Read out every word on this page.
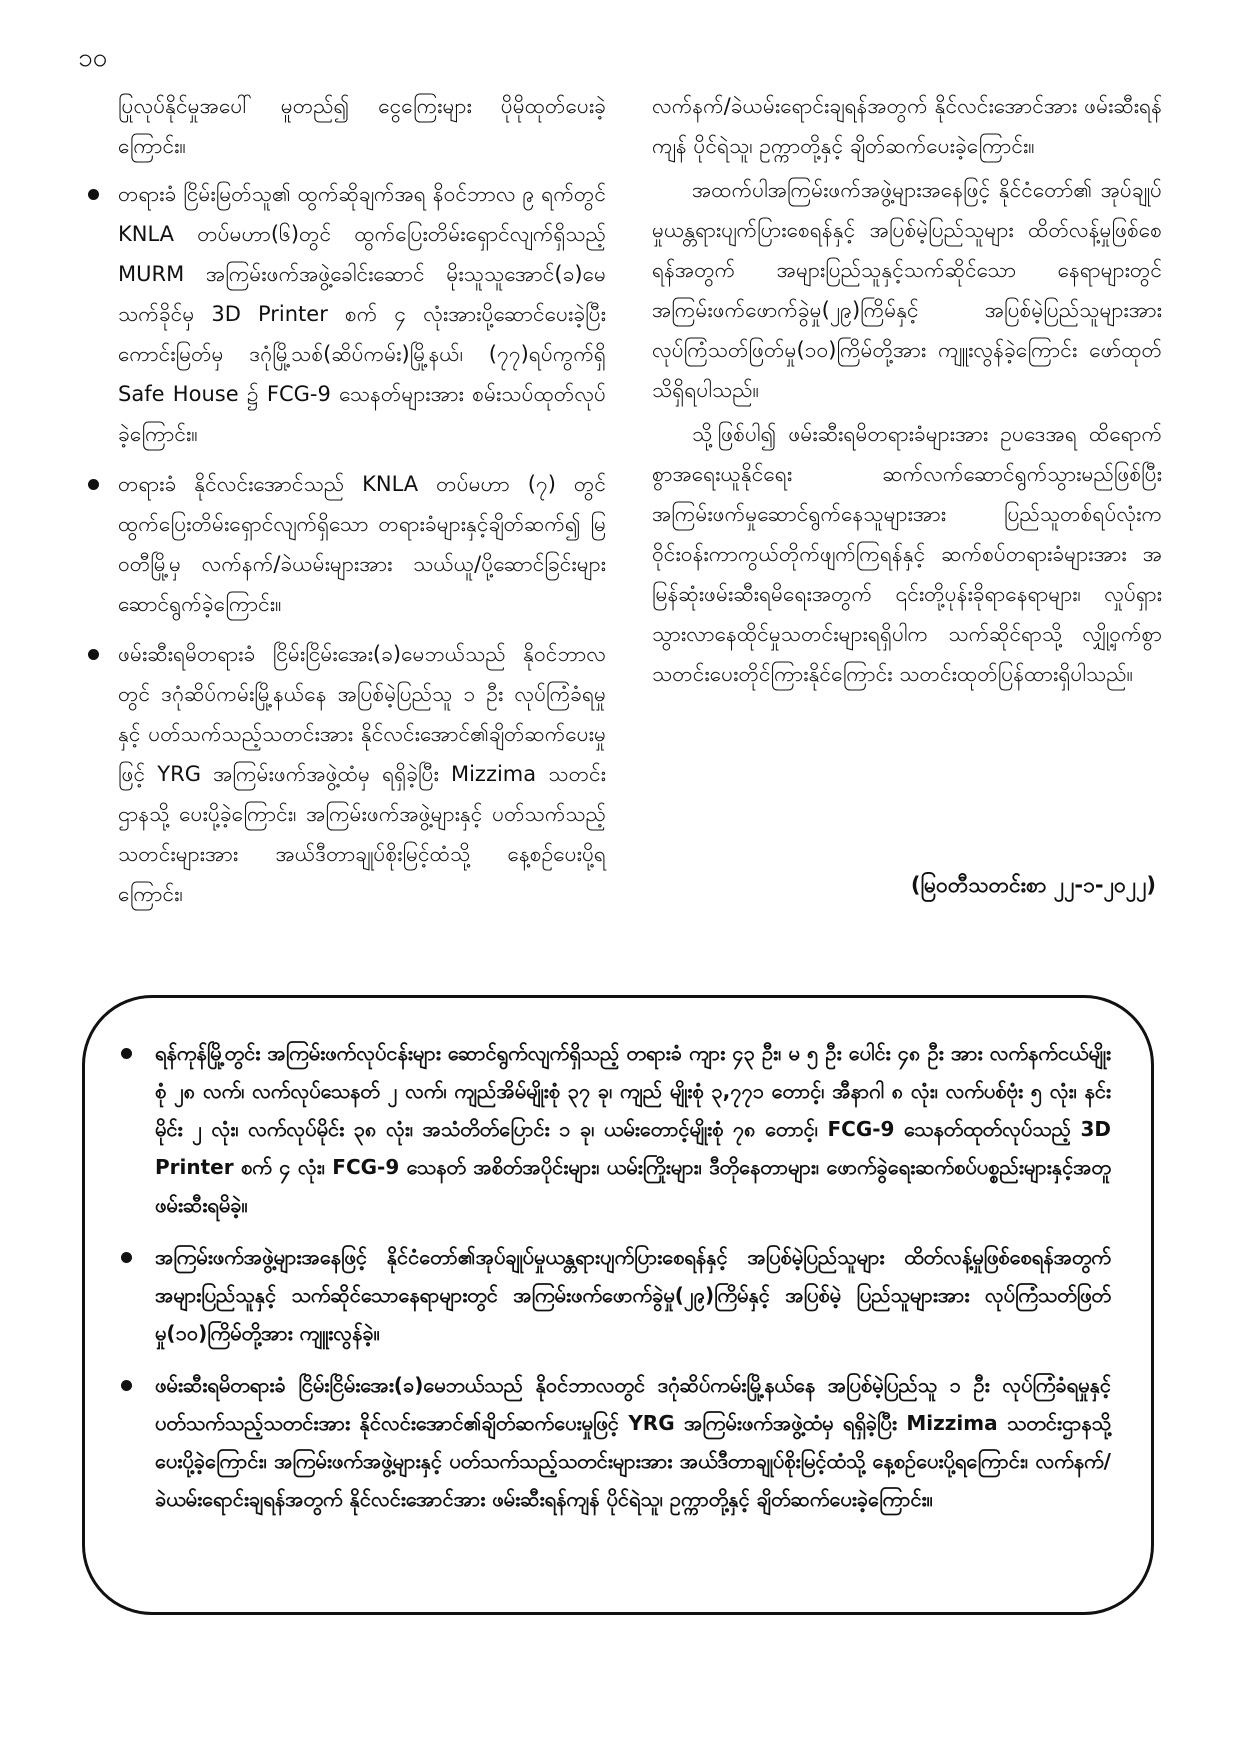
၁၀

ပြုလုပ်နိုင်မှုအပေါ် မူတည်၍ ငွေကြေးများ ပိုမိုထုတ်ပေးခဲ့ကြောင်း။

တရားခံ ငြိမ်းမြတ်သူ၏ ထွက်ဆိုချက်အရ နိဝင်ဘာလ ၉ ရက်တွင် KNLA တပ်မဟာ(၆)တွင် ထွက်ပြေးတိမ်းရှောင်လျက်ရှိသည့် MURM အကြမ်းဖက်အဖွဲ့ခေါင်းဆောင် မိုးသူသူအောင်(ခ)မေသက်ခိုင်မှ 3D Printer စက် ၄ လုံးအားပို့ဆောင်ပေးခဲ့ပြီး ကောင်းမြတ်မှ ဒဂုံမြို့သစ်(ဆိပ်ကမ်း)မြို့နယ်၊ (၇၇)ရပ်ကွက်ရှိ Safe House ၌ FCG-9 သေနတ်များအား စမ်းသပ်ထုတ်လုပ်ခဲ့ကြောင်း။
တရားခံ နိုင်လင်းအောင်သည် KNLA တပ်မဟာ (၇) တွင် ထွက်ပြေးတိမ်းရှောင်လျက်ရှိသော တရားခံများနှင့်ချိတ်ဆက်၍ မြဝတီမြို့မှ လက်နက်/ခဲယမ်းများအား သယ်ယူ/ပို့ဆောင်ခြင်းများ ဆောင်ရွက်ခဲ့ကြောင်း။
ဖမ်းဆီးရမိတရားခံ ငြိမ်းငြိမ်းအေး(ခ)မေဘယ်သည် နိုဝင်ဘာလတွင် ဒဂုံဆိပ်ကမ်းမြို့နယ်နေ အပြစ်မဲ့ပြည်သူ ၁ ဦး လုပ်ကြံခံရမှုနှင့် ပတ်သက်သည့်သတင်းအား နိုင်လင်းအောင်၏ချိတ်ဆက်ပေးမှုဖြင့် YRG အကြမ်းဖက်အဖွဲ့ထံမှ ရရှိခဲ့ပြီး Mizzima သတင်းဌာနသို့ ပေးပို့ခဲ့ကြောင်း၊ အကြမ်းဖက်အဖွဲ့များနှင့် ပတ်သက်သည့်သတင်းများအား အယ်ဒီတာချုပ်စိုးမြင့်ထံသို့ နေ့စဉ်ပေးပို့ရကြောင်း၊

လက်နက်/ခဲယမ်းရောင်းချရန်အတွက် နိုင်လင်းအောင်အား ဖမ်းဆီးရန်ကျန် ပိုင်ရဲသူ၊ ဥက္ကာတို့နှင့် ချိတ်ဆက်ပေးခဲ့ကြောင်း။

အထက်ပါအကြမ်းဖက်အဖွဲ့များအနေဖြင့် နိုင်ငံတော်၏ အုပ်ချုပ်မှုယန္တရားပျက်ပြားစေရန်နှင့် အပြစ်မဲ့ပြည်သူများ ထိတ်လန့်မှုဖြစ်စေရန်အတွက် အများပြည်သူနှင့်သက်ဆိုင်သော နေရာများတွင် အကြမ်းဖက်ဖောက်ခွဲမှု(၂၉)ကြိမ်နှင့် အပြစ်မဲ့ပြည်သူများအား လုပ်ကြံသတ်ဖြတ်မှု(၁၀)ကြိမ်တို့အား ကျူးလွန်ခဲ့ကြောင်း ဖော်ထုတ်သိရှိရပါသည်။

သို့ဖြစ်ပါ၍ ဖမ်းဆီးရမိတရားခံများအား ဥပဒေအရ ထိရောက်စွာအရေးယူနိုင်ရေး ဆက်လက်ဆောင်ရွက်သွားမည်ဖြစ်ပြီး အကြမ်းဖက်မှုဆောင်ရွက်နေသူများအား ပြည်သူတစ်ရပ်လုံးက ဝိုင်းဝန်းကာကွယ်တိုက်ဖျက်ကြရန်နှင့် ဆက်စပ်တရားခံများအား အမြန်ဆုံးဖမ်းဆီးရမိရေးအတွက် ၎င်းတို့ပုန်းခိုရာနေရာများ၊ လှုပ်ရှားသွားလာနေထိုင်မှုသတင်းများရရှိပါက သက်ဆိုင်ရာသို့ လျှို့ဝှက်စွာသတင်းပေးတိုင်ကြားနိုင်ကြောင်း သတင်းထုတ်ပြန်ထားရှိပါသည်။

(မြဝတီသတင်းစာ ၂၂-၁-၂၀၂၂)
ရန်ကုန်မြို့တွင်း အကြမ်းဖက်လုပ်ငန်းများ ဆောင်ရွက်လျက်ရှိသည့် တရားခံ ကျား ၄၃ ဦး၊ မ ၅ ဦး ပေါင်း ၄၈ ဦး အား လက်နက်ငယ်မျိုးစုံ ၂၈ လက်၊ လက်လုပ်သေနတ် ၂ လက်၊ ကျည်အိမ်မျိုးစုံ ၃၇ ခု၊ ကျည် မျိုးစုံ ၃,၇၇၁ တောင့်၊ အီနာဂါ ၈ လုံး၊ လက်ပစ်ဗုံး ၅ လုံး၊ နင်းမိုင်း ၂ လုံး၊ လက်လုပ်မိုင်း ၃၈ လုံး၊ အသံတိတ်ပြောင်း ၁ ခု၊ ယမ်းတောင့်မျိုးစုံ ၇၈ တောင့်၊ FCG-9 သေနတ်ထုတ်လုပ်သည့် 3D Printer စက် ၄ လုံး၊ FCG-9 သေနတ် အစိတ်အပိုင်းများ၊ ယမ်းကြိုးများ၊ ဒီတိုနေတာများ၊ ဖောက်ခွဲရေးဆက်စပ်ပစ္စည်းများနှင့်အတူ ဖမ်းဆီးရမိခဲ့။
အကြမ်းဖက်အဖွဲ့များအနေဖြင့် နိုင်ငံတော်၏အုပ်ချုပ်မှုယန္တရားပျက်ပြားစေရန်နှင့် အပြစ်မဲ့ပြည်သူများ ထိတ်လန့်မှုဖြစ်စေရန်အတွက် အများပြည်သူနှင့် သက်ဆိုင်သောနေရာများတွင် အကြမ်းဖက်ဖောက်ခွဲမှု(၂၉)ကြိမ်နှင့် အပြစ်မဲ့ ပြည်သူများအား လုပ်ကြံသတ်ဖြတ်မှု(၁၀)ကြိမ်တို့အား ကျူးလွန်ခဲ့။
ဖမ်းဆီးရမိတရားခံ ငြိမ်းငြိမ်းအေး(ခ)မေဘယ်သည် နိုဝင်ဘာလတွင် ဒဂုံဆိပ်ကမ်းမြို့နယ်နေ အပြစ်မဲ့ပြည်သူ ၁ ဦး လုပ်ကြံခံရမှုနှင့် ပတ်သက်သည့်သတင်းအား နိုင်လင်းအောင်၏ချိတ်ဆက်ပေးမှုဖြင့် YRG အကြမ်းဖက်အဖွဲ့ထံမှ ရရှိခဲ့ပြီး Mizzima သတင်းဌာနသို့ ပေးပို့ခဲ့ကြောင်း၊ အကြမ်းဖက်အဖွဲ့များနှင့် ပတ်သက်သည့်သတင်းများအား အယ်ဒီတာချုပ်စိုးမြင့်ထံသို့ နေ့စဉ်ပေးပို့ရကြောင်း၊ လက်နက်/ခဲယမ်းရောင်းချရန်အတွက် နိုင်လင်းအောင်အား ဖမ်းဆီးရန်ကျန် ပိုင်ရဲသူ၊ ဥက္ကာတို့နှင့် ချိတ်ဆက်ပေးခဲ့ကြောင်း။
